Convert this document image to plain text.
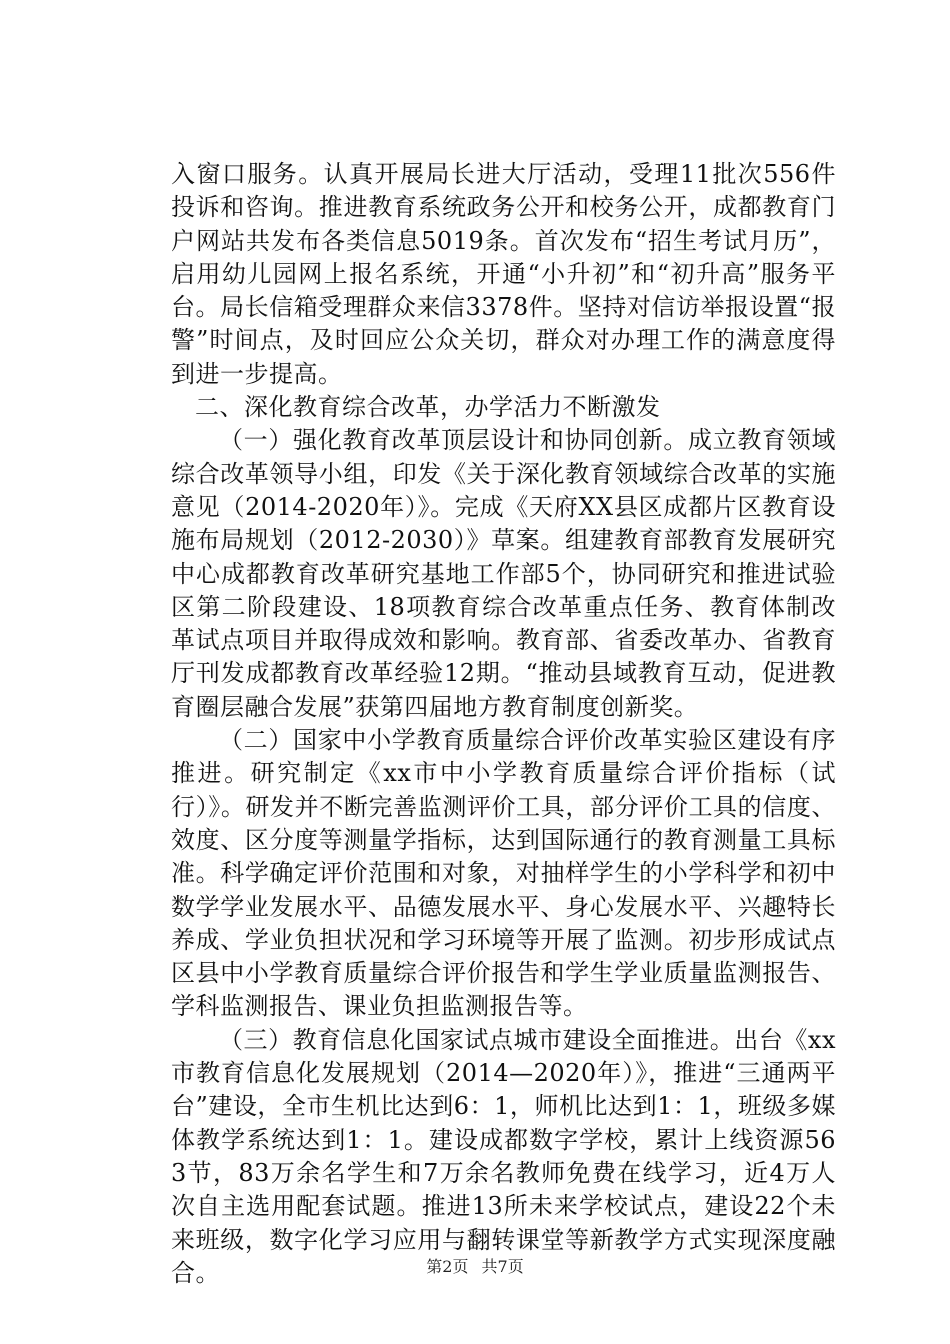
入窗口服务。认真开展局长进大厅活动，受理11批次556件投诉和咨询。推进教育系统政务公开和校务公开，成都教育门户网站共发布各类信息5019条。首次发布“招生考试月历”，启用幼儿园网上报名系统，开通“小升初”和“初升高”服务平台。局长信箱受理群众来信3378件。坚持对信访举报设置“报警”时间点，及时回应公众关切，群众对办理工作的满意度得到进一步提高。

二、深化教育综合改革，办学活力不断激发

（一）强化教育改革顶层设计和协同创新。成立教育领域综合改革领导小组，印发《关于深化教育领域综合改革的实施意见（2014-2020年）》。完成《天府XX县区成都片区教育设施布局规划（2012-2030）》草案。组建教育部教育发展研究中心成都教育改革研究基地工作部5个，协同研究和推进试验区第二阶段建设、18项教育综合改革重点任务、教育体制改革试点项目并取得成效和影响。教育部、省委改革办、省教育厅刊发成都教育改革经验12期。“推动县域教育互动，促进教育圈层融合发展”获第四届地方教育制度创新奖。

（二）国家中小学教育质量综合评价改革实验区建设有序推进。研究制定《xx市中小学教育质量综合评价指标（试行）》。研发并不断完善监测评价工具，部分评价工具的信度、效度、区分度等测量学指标，达到国际通行的教育测量工具标准。科学确定评价范围和对象，对抽样学生的小学科学和初中数学学业发展水平、品德发展水平、身心发展水平、兴趣特长养成、学业负担状况和学习环境等开展了监测。初步形成试点区县中小学教育质量综合评价报告和学生学业质量监测报告、学科监测报告、课业负担监测报告等。

（三）教育信息化国家试点城市建设全面推进。出台《xx市教育信息化发展规划（2014—2020年）》，推进“三通两平台”建设，全市生机比达到6：1，师机比达到1：1，班级多媒体教学系统达到1：1。建设成都数字学校，累计上线资源563节，83万余名学生和7万余名教师免费在线学习，近4万人次自主选用配套试题。推进13所未来学校试点，建设22个未来班级，数字化学习应用与翻转课堂等新教学方式实现深度融合。	第2页 共7页
